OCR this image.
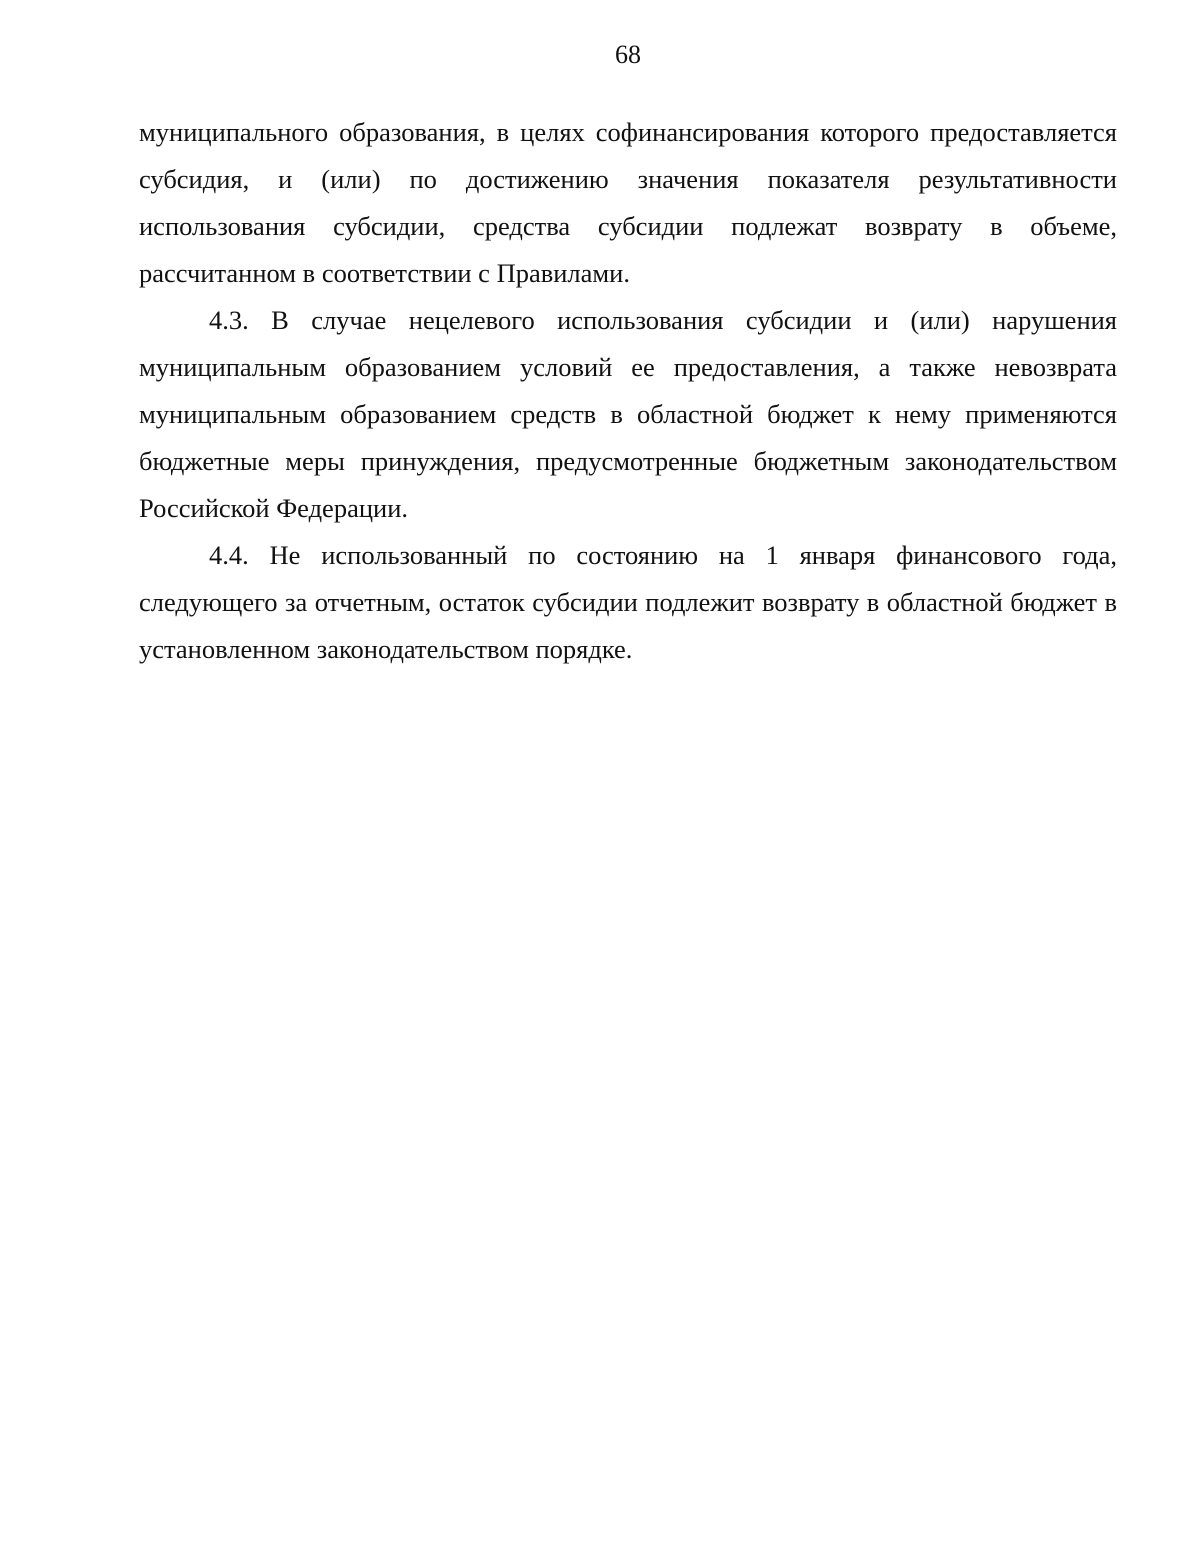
68

муниципального образования, в целях софинансирования которого предоставляется субсидия, и (или) по достижению значения показателя результативности использования субсидии, средства субсидии подлежат возврату в объеме, рассчитанном в соответствии с Правилами.

4.3. В случае нецелевого использования субсидии и (или) нарушения муниципальным образованием условий ее предоставления, а также невозврата муниципальным образованием средств в областной бюджет к нему применяются бюджетные меры принуждения, предусмотренные бюджетным законодательством Российской Федерации.

4.4. Не использованный по состоянию на 1 января финансового года, следующего за отчетным, остаток субсидии подлежит возврату в областной бюджет в установленном законодательством порядке.
